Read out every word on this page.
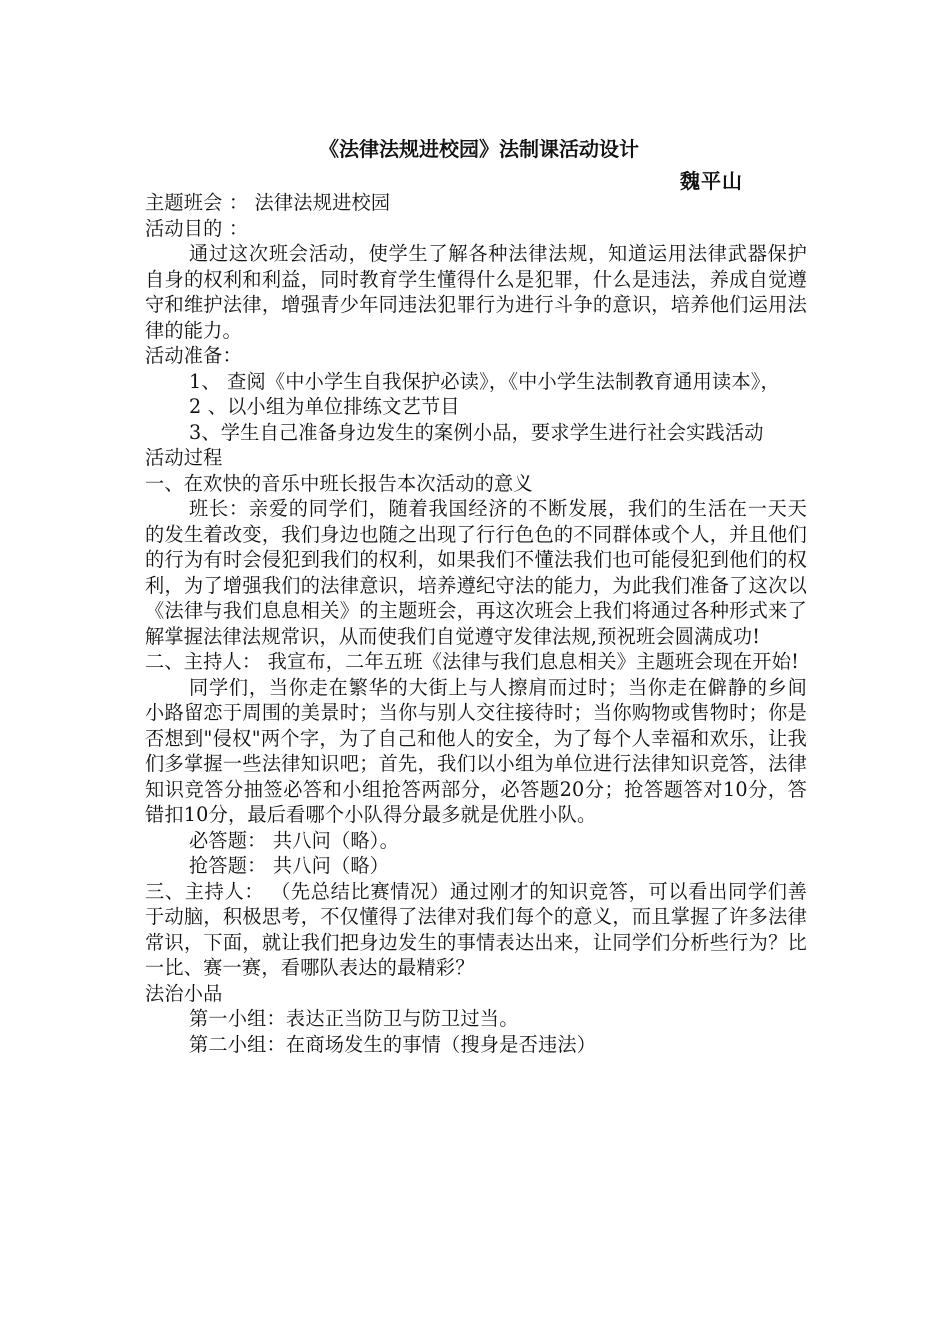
《法律法规进校园》法制课活动设计
魏平山

主题班会 ： 法律法规进校园

活动目的 ：

通过这次班会活动，使学生了解各种法律法规，知道运用法律武器保护自身的权利和利益，同时教育学生懂得什么是犯罪，什么是违法，养成自觉遵守和维护法律，增强青少年同违法犯罪行为进行斗争的意识，培养他们运用法律的能力。

活动准备：

1、 查阅《中小学生自我保护必读》，《中小学生法制教育通用读本》，

2 、以小组为单位排练文艺节目

3、学生自己准备身边发生的案例小品，要求学生进行社会实践活动

活动过程

一、在欢快的音乐中班长报告本次活动的意义

班长：亲爱的同学们，随着我国经济的不断发展，我们的生活在一天天的发生着改变，我们身边也随之出现了行行色色的不同群体或个人，并且他们的行为有时会侵犯到我们的权利，如果我们不懂法我们也可能侵犯到他们的权利，为了增强我们的法律意识，培养遵纪守法的能力，为此我们准备了这次以《法律与我们息息相关》的主题班会，再这次班会上我们将通过各种形式来了解掌握法律法规常识，从而使我们自觉遵守发律法规,预祝班会圆满成功!

二、主持人： 我宣布，二年五班《法律与我们息息相关》主题班会现在开始!

同学们，当你走在繁华的大街上与人擦肩而过时；当你走在僻静的乡间小路留恋于周围的美景时；当你与别人交往接待时；当你购物或售物时；你是否想到"侵权"两个字，为了自己和他人的安全，为了每个人幸福和欢乐，让我们多掌握一些法律知识吧；首先，我们以小组为单位进行法律知识竞答，法律知识竞答分抽签必答和小组抢答两部分，必答题20分；抢答题答对10分，答错扣10分，最后看哪个小队得分最多就是优胜小队。

必答题： 共八问（略）。

抢答题： 共八问（略）

三、主持人： （先总结比赛情况）通过刚才的知识竞答，可以看出同学们善于动脑，积极思考，不仅懂得了法律对我们每个的意义，而且掌握了许多法律常识，下面，就让我们把身边发生的事情表达出来，让同学们分析些行为？比一比、赛一赛，看哪队表达的最精彩？

法治小品

第一小组：表达正当防卫与防卫过当。

第二小组：在商场发生的事情（搜身是否违法）
